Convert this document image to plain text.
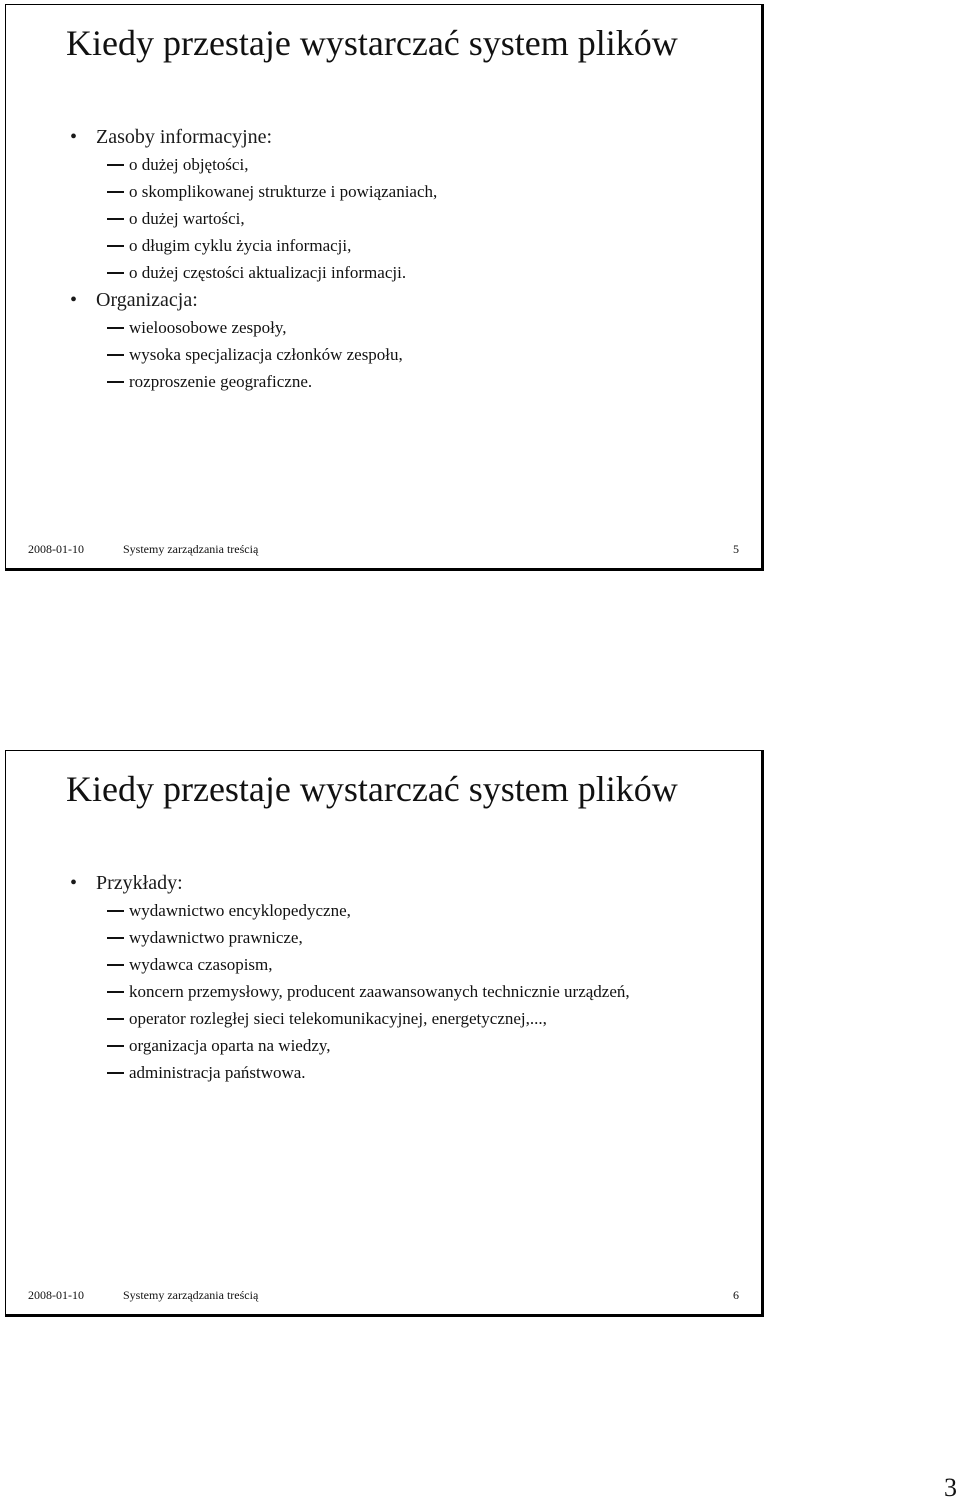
Kiedy przestaje wystarczać system plików
• Zasoby informacyjne:
o dużej objętości,
o skomplikowanej strukturze i powiązaniach,
o dużej wartości,
o długim cyklu życia informacji,
o dużej częstości aktualizacji informacji.
• Organizacja:
wieloosobowe zespoły,
wysoka specjalizacja członków zespołu,
rozproszenie geograficzne.
2008-01-10	Systemy zarządzania treścią	5
Kiedy przestaje wystarczać system plików
• Przykłady:
wydawnictwo encyklopedyczne,
wydawnictwo prawnicze,
wydawca czasopism,
koncern przemysłowy, producent zaawansowanych technicznie urządzeń,
operator rozległej sieci telekomunikacyjnej, energetycznej,...,
organizacja oparta na wiedzy,
administracja państwowa.
2008-01-10	Systemy zarządzania treścią	6
3
